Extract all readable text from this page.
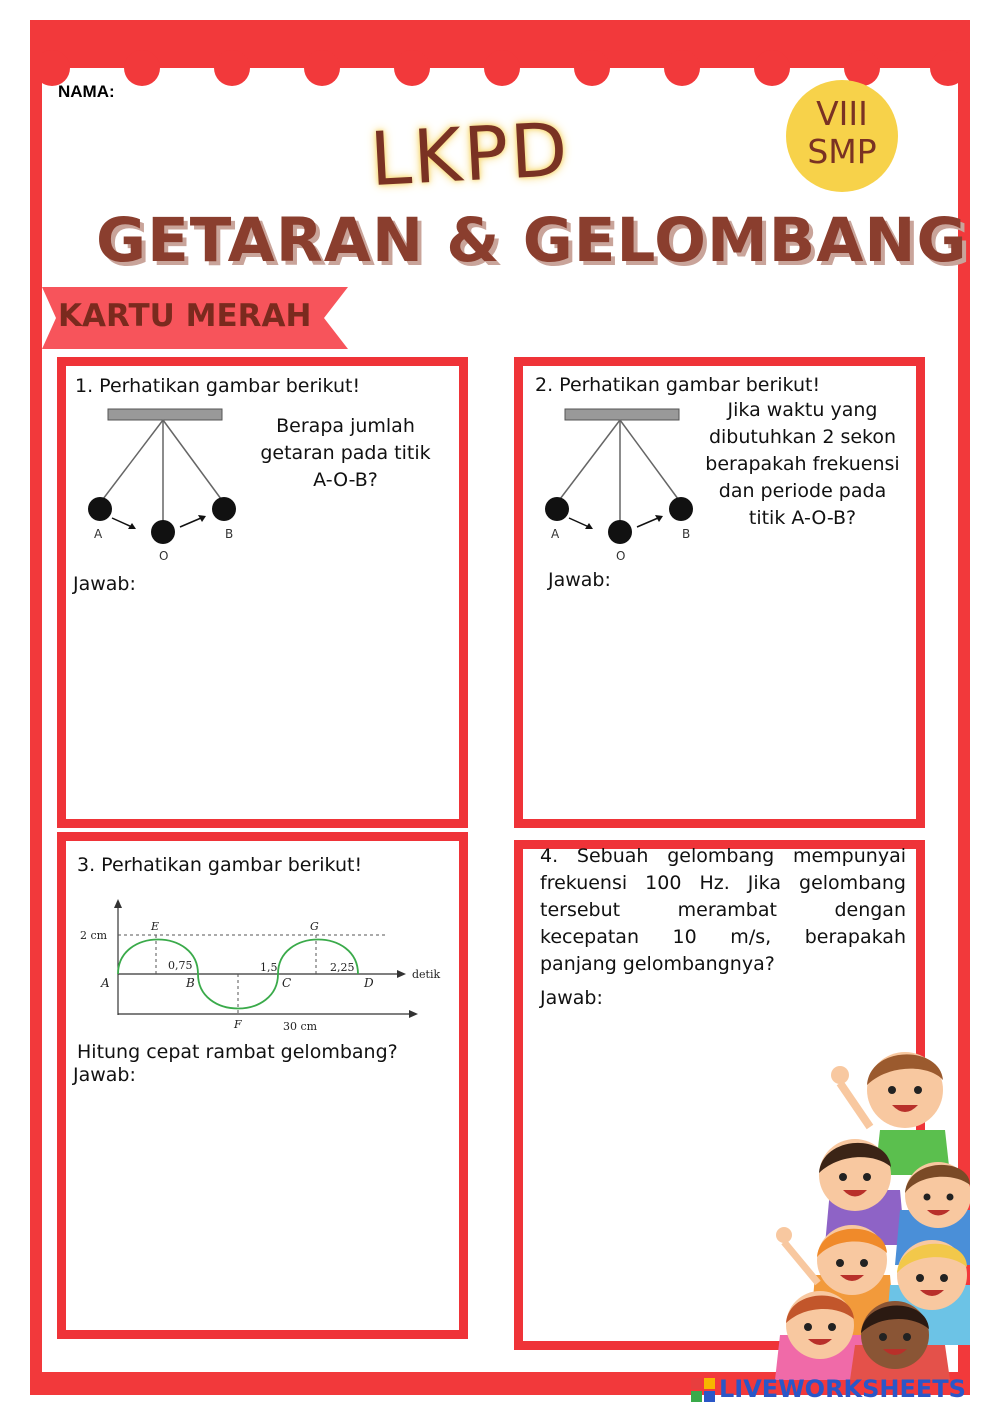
NAMA:
LKPD
GETARAN & GELOMBANG
VIII
SMP
KARTU MERAH
1. Perhatikan gambar berikut!
A
O
B
Berapa jumlah getaran pada titik A-O-B?
Jawab:
2. Perhatikan gambar berikut!
A
O
B
Jika waktu yang dibutuhkan 2 sekon berapakah frekuensi dan periode pada titik A-O-B?
Jawab:
3. Perhatikan gambar berikut!
2 cm
detik
A
E
B
F
C
G
D
0,75	1,5	2,25
30 cm
Hitung cepat rambat gelombang?
Jawab:
4. Sebuah gelombang mempunyai frekuensi 100 Hz. Jika gelombang tersebut merambat dengan kecepatan 10 m/s, berapakah panjang gelombangnya?
Jawab:
LIVEWORKSHEETS
